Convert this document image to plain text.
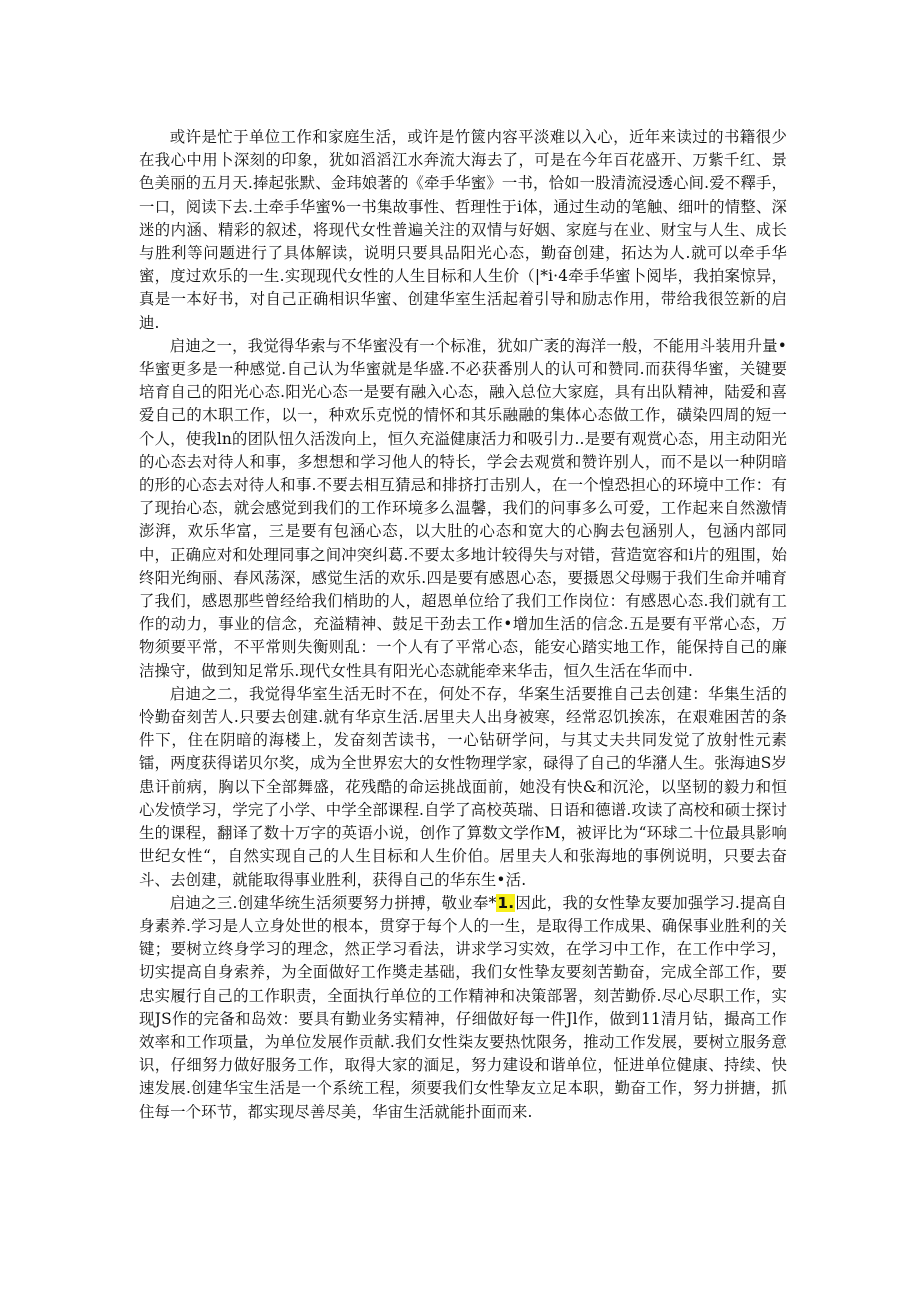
或许是忙于单位工作和家庭生活，或许是竹篋内容平淡难以入心，近年来读过的书籍很少在我心中用卜深刻的印象，犹如滔滔江水奔流大海去了，可是在今年百花盛开、万紫千红、景色美丽的五月天.捧起张默、金玮娘著的《牵手华蜜》一书，恰如一股清流浸透心间.爱不釋手，一口，阅读下去.土牵手华蜜%一书集故事性、哲理性于i体，通过生动的笔触、细叶的情整、深迷的内涵、精彩的叙述，将现代女性普遍关注的双情与好姻、家庭与在业、财宝与人生、成长与胜利等问题进行了具体解读，说明只要具品阳光心态，勤奋创建，拓达为人.就可以牵手华蜜，度过欢乐的一生.实现现代女性的人生目标和人生价（|*i·4牵手华蜜卜阅毕，我拍案惊异，真是一本好书，对自己正确相识华蜜、创建华室生活起着引导和励志作用，带给我很笠新的启迪.

启迪之一，我觉得华索与不华蜜没有一个标准，犹如广袤的海洋一般，不能用斗装用升量•华蜜更多是一种感觉.自己认为华蜜就是华盛.不必获番別人的认可和赞同.而获得华蜜，关键要培育自己的阳光心态.阳光心态一是要有融入心态，融入总位大家庭，具有出队精神，陆爱和喜爱自己的木职工作，以一，种欢乐克悦的情怀和其乐融融的集体心态做工作，磺染四周的短一个人，使我ln的团队忸久活泼向上，恒久充溢健康活力和吸引力..是要有观赏心态，用主动阳光的心态去对待人和事，多想想和学习他人的特长，学会去观赏和赞许别人，而不是以一种阴暗的形的心态去对待人和事.不要去相互猜忌和排挤打击别人，在一个惶恐担心的环境中工作：有了现抬心态，就会感觉到我们的工作环境多么温馨，我们的问事多么可爱，工作起来自然激情澎湃，欢乐华富，三是要有包涵心态，以大肚的心态和宽大的心胸去包涵别人，包涵内部同中，正确应对和处理同事之间冲突纠葛.不要太多地计较得失与对错，营造宽容和i片的殂围，始终阳光绚丽、春风荡深，感觉生活的欢乐.四是要有感恩心态，要摄恩父母赐于我们生命并哺育了我们，感恩那些曾经给我们梢助的人，超恩单位给了我们工作岗位：有感恩心态.我们就有工作的动力，事业的信念，充溢精神、鼓足干劲去工作•增加生活的信念.五是要有平常心态，万物须要平常，不平常则失衡则乱：一个人有了平常心态，能安心踏实地工作，能保持自己的廉洁操守，做到知足常乐.现代女性具有阳光心态就能牵来华击，恒久生活在华而中.

启迪之二，我觉得华室生活无时不在，何处不存，华案生活要推自己去创建：华集生活的怜勤奋刻苦人.只要去创建.就有华京生活.居里夫人出身被寒，经常忍饥挨冻，在艰难困苦的条件下，住在阴暗的海楼上，发奋刻苦读书，一心钻研学问，与其丈夫共同发觉了放射性元素镭，两度获得诺贝尔奖，成为全世界宏大的女性物理学家，碌得了自己的华潴人生。张海迪S岁患讦前病，胸以下全部舞盛，花残酷的命运挑战面前，她没有快&和沉沦，以坚韧的毅力和恒心发愤学习，学完了小学、中学全部课程.自学了高校英瑞、日语和德谱.攻读了高校和硕士探讨生的课程，翻译了数十万字的英语小说，创作了算数文学作M，被评比为“环球二十位最具影响世纪女性“，自然实现自己的人生目标和人生价伯。居里夫人和张海地的事例说明，只要去奋斗、去创建，就能取得事业胜利，获得自己的华东生•活.

启迪之三.创建华统生活须要努力拼搏，敬业奉*1.因此，我的女性挚友要加强学习.提高自身素养.学习是人立身处世的根本，贯穿于每个人的一生，是取得工作成果、确保事业胜利的关键；要树立终身学习的理念，然正学习看法，讲求学习实效，在学习中工作，在工作中学习，切实提高自身索养，为全面做好工作奬走基础，我们女性挚友要刻苦勤奋，完成全部工作，要忠实履行自己的工作职责，全面执行单位的工作精神和决策部署，刻苦勤侨.尽心尽职工作，实现JS作的完备和岛效：要具有勤业务实精神，仔细做好每一件Jl作，做到11清月钻，撮高工作效率和工作项量，为单位发展作贡献.我们女性柒友要热忱限务，推动工作发展，要树立服务意识，仔细努力做好服务工作，取得大家的湎足，努力建设和谐单位，怔进单位健康、持续、快速发展.创建华宝生活是一个系统工程，须要我们女性挚友立足本职，勤奋工作，努力拼搪，抓住每一个环节，都实现尽善尽美，华宙生活就能扑面而来.
